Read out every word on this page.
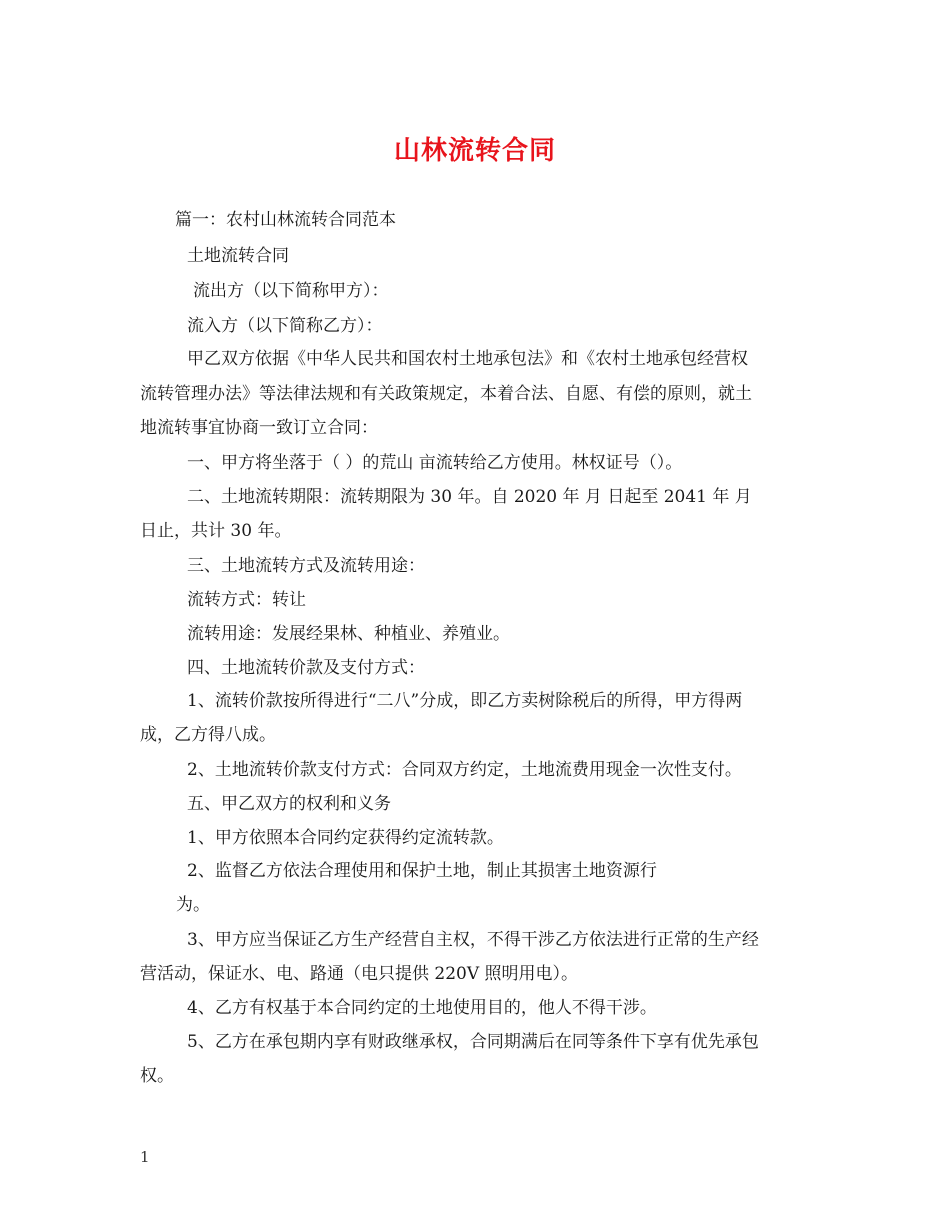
山林流转合同
篇一：农村山林流转合同范本
土地流转合同
流出方（以下简称甲方）：
流入方（以下简称乙方）：
甲乙双方依据《中华人民共和国农村土地承包法》和《农村土地承包经营权
流转管理办法》等法律法规和有关政策规定，本着合法、自愿、有偿的原则，就土
地流转事宜协商一致订立合同：
一、甲方将坐落于（ ）的荒山 亩流转给乙方使用。林权证号（）。
二、土地流转期限：流转期限为 30 年。自 2020 年 月 日起至 2041 年 月
日止，共计 30 年。
三、土地流转方式及流转用途：
流转方式：转让
流转用途：发展经果林、种植业、养殖业。
四、土地流转价款及支付方式：
1、流转价款按所得进行“二八”分成，即乙方卖树除税后的所得，甲方得两
成，乙方得八成。
2、土地流转价款支付方式：合同双方约定，土地流费用现金一次性支付。
五、甲乙双方的权利和义务
1、甲方依照本合同约定获得约定流转款。
2、监督乙方依法合理使用和保护土地，制止其损害土地资源行
为。
3、甲方应当保证乙方生产经营自主权，不得干涉乙方依法进行正常的生产经
营活动，保证水、电、路通（电只提供 220V 照明用电）。
4、乙方有权基于本合同约定的土地使用目的，他人不得干涉。
5、乙方在承包期内享有财政继承权，合同期满后在同等条件下享有优先承包
权。
1
